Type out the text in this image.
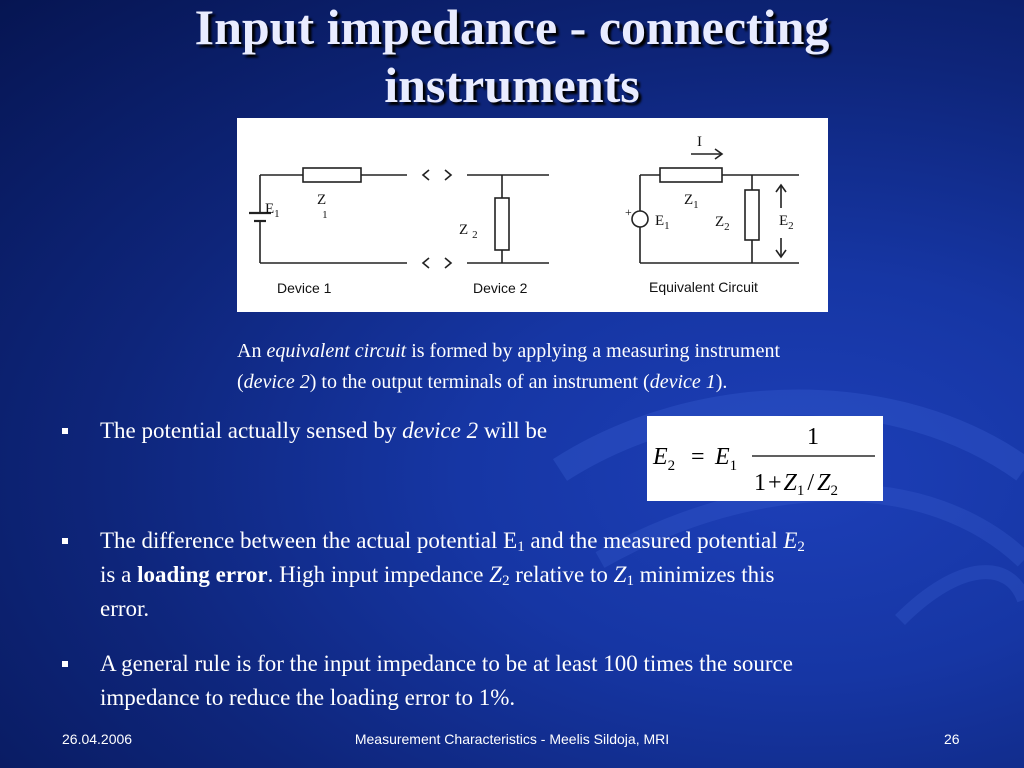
Input impedance - connecting
instruments
$E_1$
Z 1
Z $_2$
I
+
$E_1$
$Z_1$
$Z_2$	$E_2$
Device 1	Device 2	Equivalent Circuit
An equivalent circuit is formed by applying a measuring instrument
(device 2) to the output terminals of an instrument (device 1).
The potential actually sensed by device 2 will be
$E_2 = E_1$
1
$1+Z_1 / Z_2$
The difference between the actual potential $E_1$ and the measured potential $E_2$
is a loading error. High input impedance $Z_2$ relative to $Z_1$ minimizes this
error.
A general rule is for the input impedance to be at least 100 times the source
impedance to reduce the loading error to 1%.
26.04.2006	Measurement Characteristics - Meelis Sildoja, MRI	26
